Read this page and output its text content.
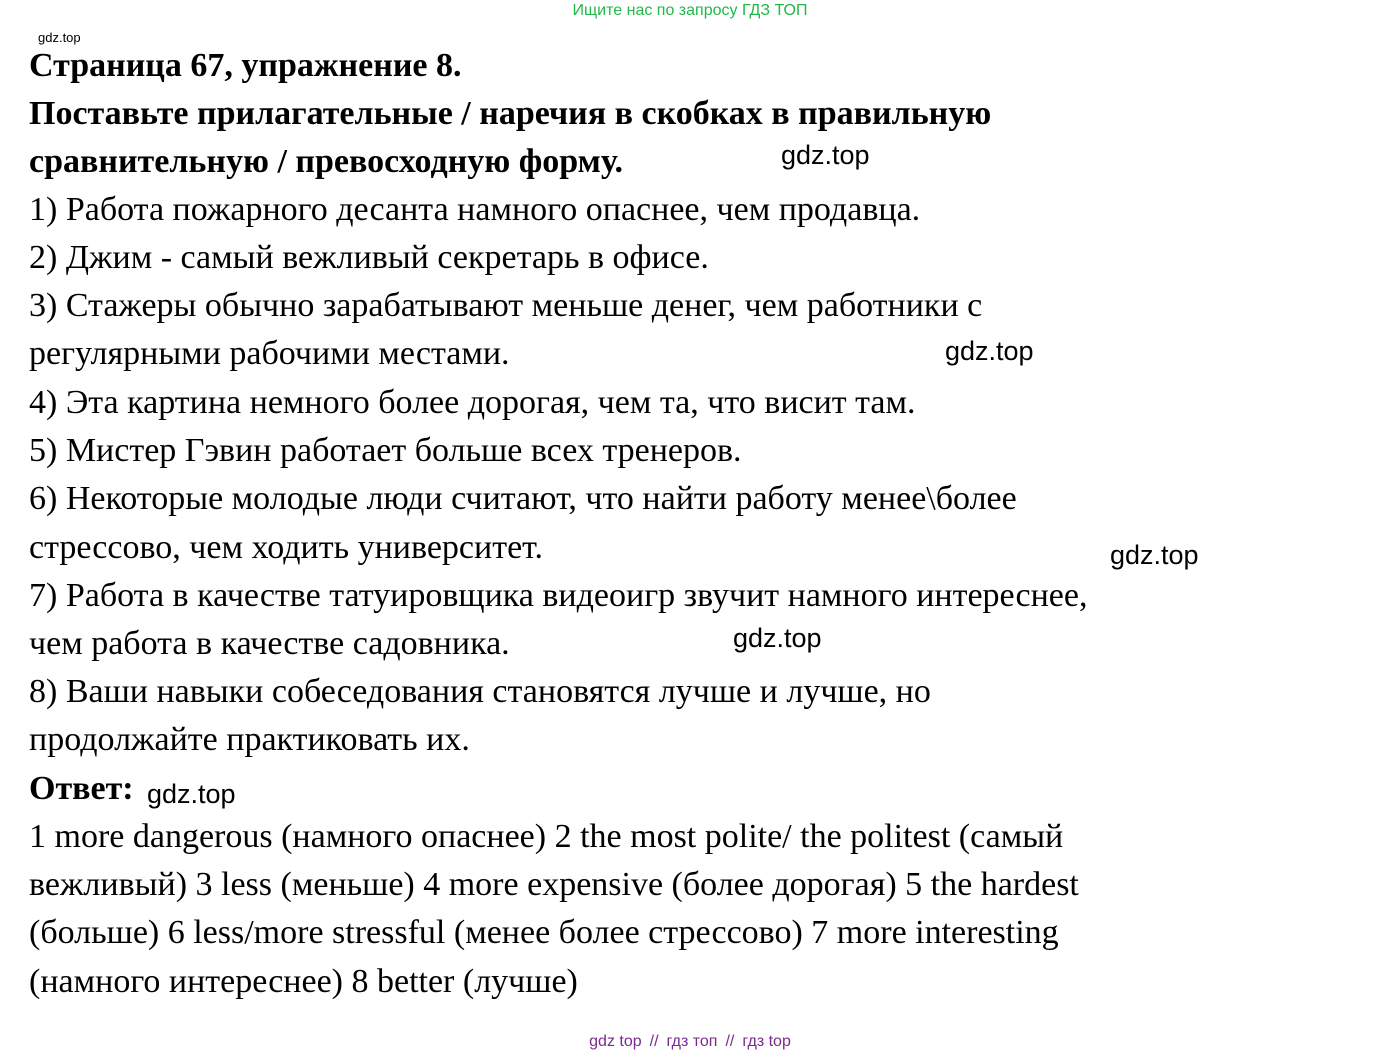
Ищите нас по запросу ГДЗ ТОП
gdz.top
Страница 67, упражнение 8.
Поставьте прилагательные / наречия в скобках в правильную
сравнительную / превосходную форму.
1) Работа пожарного десанта намного опаснее, чем продавца.
2) Джим - самый вежливый секретарь в офисе.
3) Стажеры обычно зарабатывают меньше денег, чем работники с
регулярными рабочими местами.
4) Эта картина немного более дорогая, чем та, что висит там.
5) Мистер Гэвин работает больше всех тренеров.
6) Некоторые молодые люди считают, что найти работу менее\более
стрессово, чем ходить университет.
7) Работа в качестве татуировщика видеоигр звучит намного интереснее,
чем работа в качестве садовника.
8) Ваши навыки собеседования становятся лучше и лучше, но
продолжайте практиковать их.
Ответ:
1 more dangerous (намного опаснее) 2 the most polite/ the politest (самый
вежливый) 3 less (меньше) 4 more expensive (более дорогая) 5 the hardest
(больше) 6 less/more stressful (менее более стрессово) 7 more interesting
(намного интереснее) 8 better (лучше)
gdz.top
gdz.top
gdz.top
gdz.top
gdz.top
gdz top // гдз топ // гдз top
